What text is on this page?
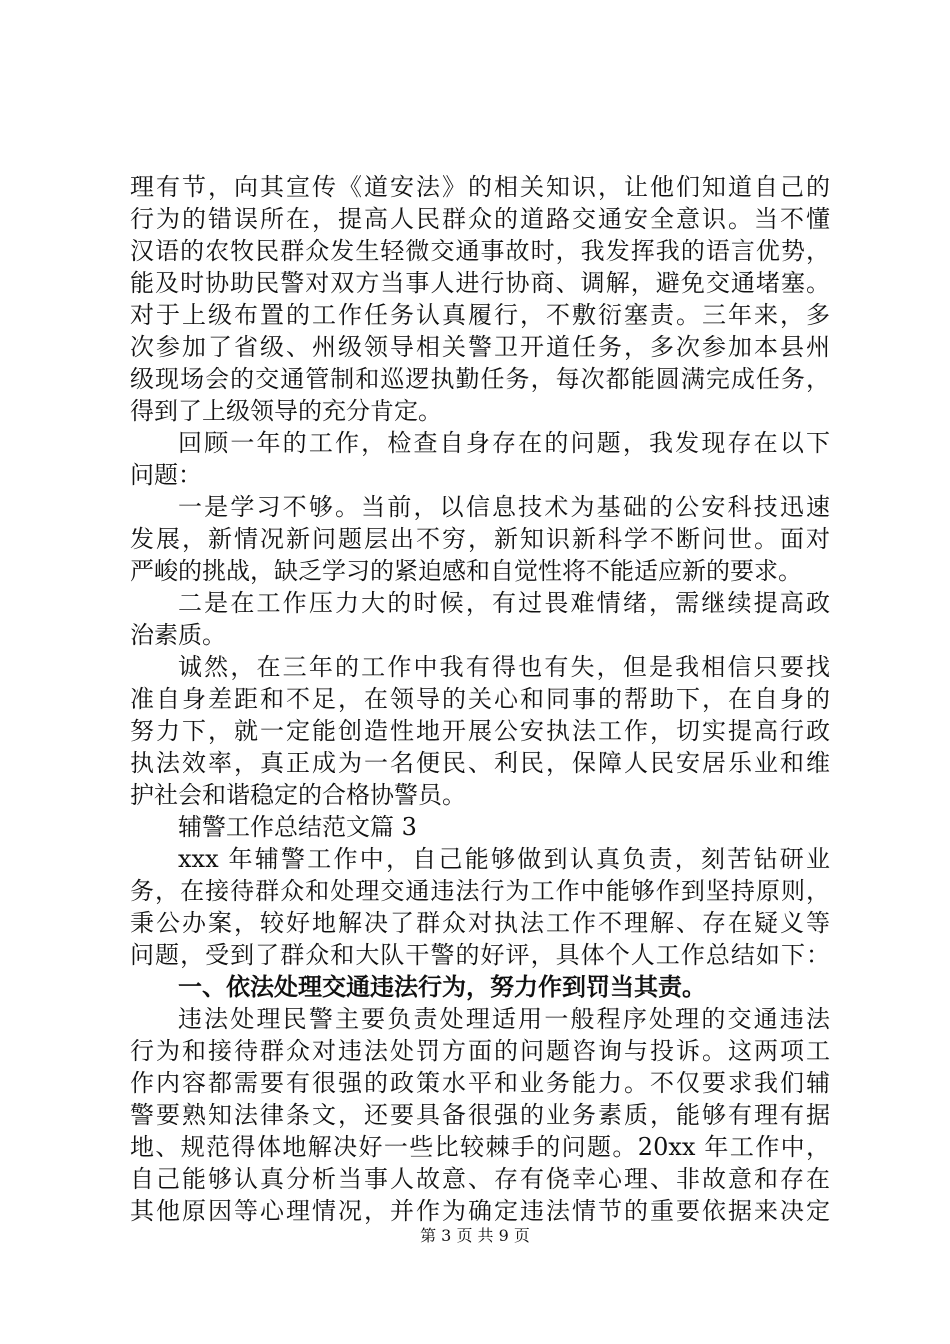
理有节，向其宣传《道安法》的相关知识，让他们知道自己的
行为的错误所在，提高人民群众的道路交通安全意识。当不懂
汉语的农牧民群众发生轻微交通事故时，我发挥我的语言优势，
能及时协助民警对双方当事人进行协商、调解，避免交通堵塞。
对于上级布置的工作任务认真履行，不敷衍塞责。三年来，多
次参加了省级、州级领导相关警卫开道任务，多次参加本县州
级现场会的交通管制和巡逻执勤任务，每次都能圆满完成任务，
得到了上级领导的充分肯定。
回顾一年的工作，检查自身存在的问题，我发现存在以下
问题：
一是学习不够。当前，以信息技术为基础的公安科技迅速
发展，新情况新问题层出不穷，新知识新科学不断问世。面对
严峻的挑战，缺乏学习的紧迫感和自觉性将不能适应新的要求。
二是在工作压力大的时候，有过畏难情绪，需继续提高政
治素质。
诚然，在三年的工作中我有得也有失，但是我相信只要找
准自身差距和不足，在领导的关心和同事的帮助下，在自身的
努力下，就一定能创造性地开展公安执法工作，切实提高行政
执法效率，真正成为一名便民、利民，保障人民安居乐业和维
护社会和谐稳定的合格协警员。
辅警工作总结范文篇 3
xxx 年辅警工作中，自己能够做到认真负责，刻苦钻研业
务，在接待群众和处理交通违法行为工作中能够作到坚持原则，
秉公办案，较好地解决了群众对执法工作不理解、存在疑义等
问题，受到了群众和大队干警的好评，具体个人工作总结如下：
一、依法处理交通违法行为，努力作到罚当其责。
违法处理民警主要负责处理适用一般程序处理的交通违法
行为和接待群众对违法处罚方面的问题咨询与投诉。这两项工
作内容都需要有很强的政策水平和业务能力。不仅要求我们辅
警要熟知法律条文，还要具备很强的业务素质，能够有理有据
地、规范得体地解决好一些比较棘手的问题。20xx 年工作中，
自己能够认真分析当事人故意、存有侥幸心理、非故意和存在
其他原因等心理情况，并作为确定违法情节的重要依据来决定
第 3 页 共 9 页
